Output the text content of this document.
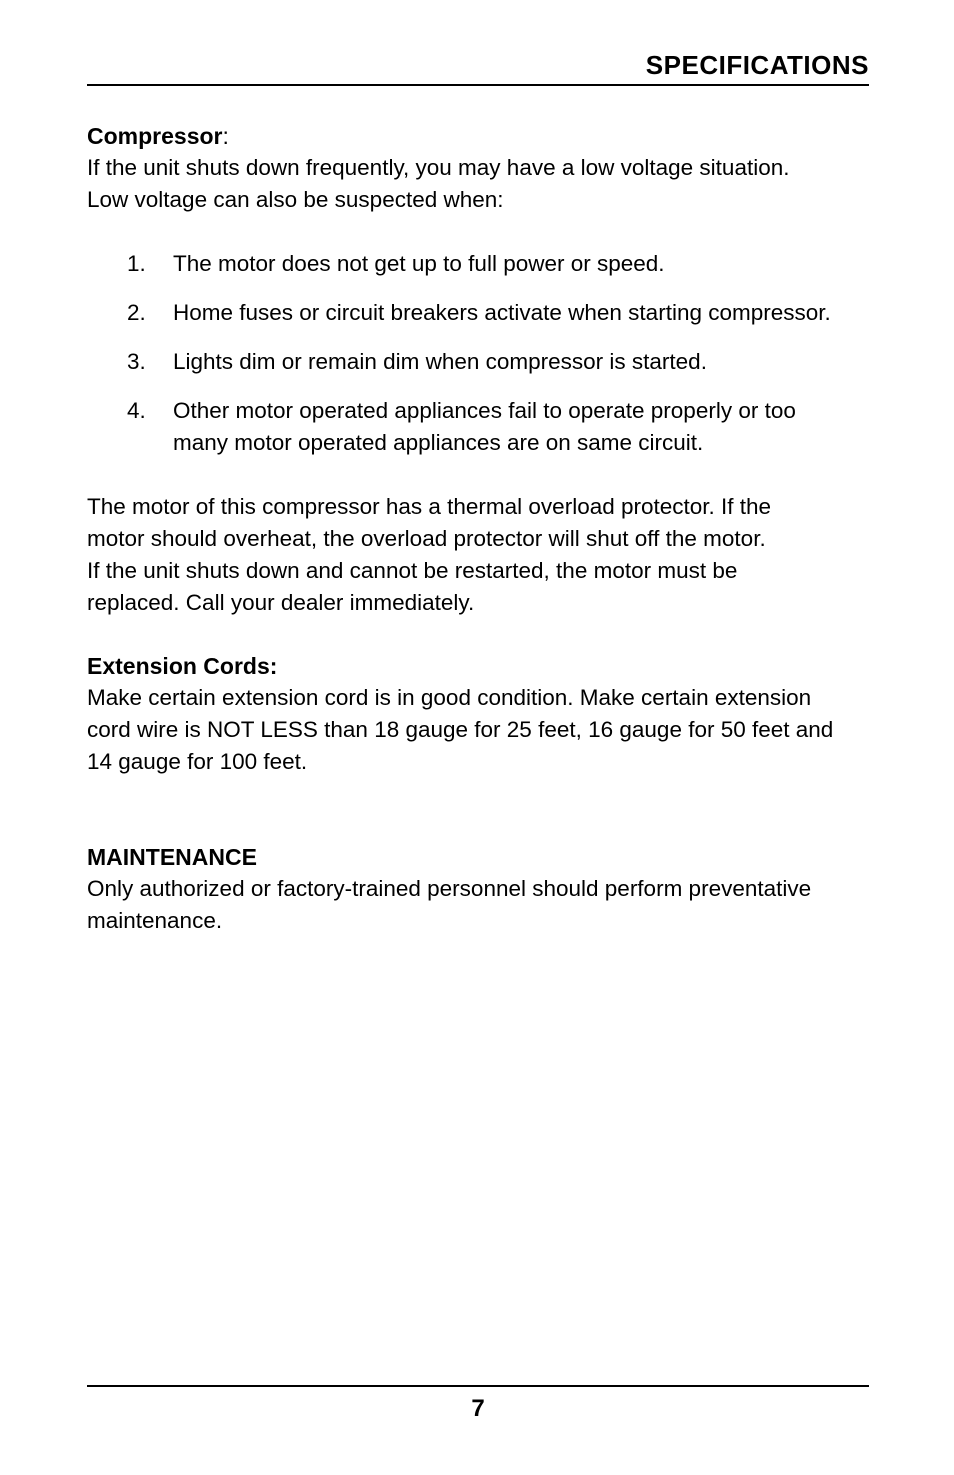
SPECIFICATIONS

Compressor:

If the unit shuts down frequently, you may have a low voltage situation.

Low voltage can also be suspected when:

1. The motor does not get up to full power or speed.
2. Home fuses or circuit breakers activate when starting compressor.
3. Lights dim or remain dim when compressor is started.
4. Other motor operated appliances fail to operate properly or too
many motor operated appliances are on same circuit.

The motor of this compressor has a thermal overload protector. If the

motor should overheat, the overload protector will shut off the motor.

If the unit shuts down and cannot be restarted, the motor must be

replaced. Call your dealer immediately.

Extension Cords:

Make certain extension cord is in good condition. Make certain extension

cord wire is NOT LESS than 18 gauge for 25 feet, 16 gauge for 50 feet and

14 gauge for 100 feet.

MAINTENANCE

Only authorized or factory-trained personnel should perform preventative

maintenance.

7
